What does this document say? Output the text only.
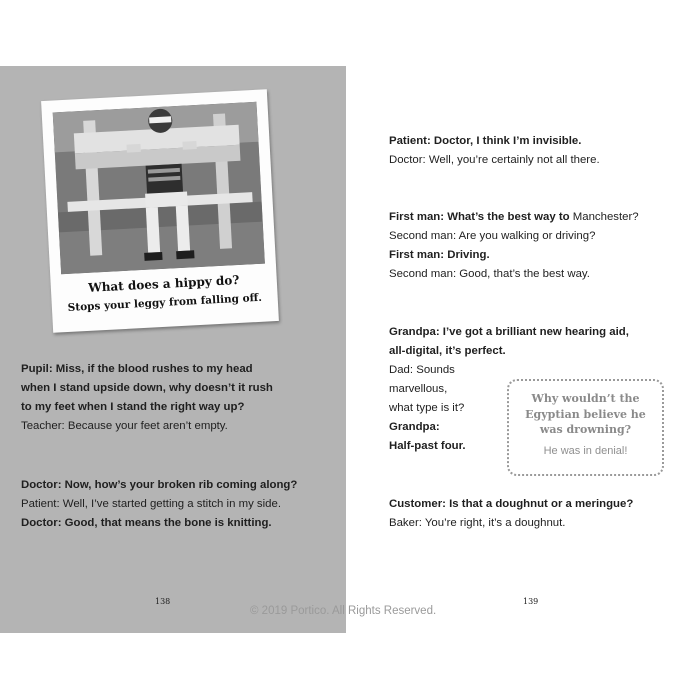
What does a hippy do?
Stops your leggy from falling off.
Pupil: Miss, if the blood rushes to my head
when I stand upside down, why doesn’t it rush
to my feet when I stand the right way up?
Teacher: Because your feet aren’t empty.
Doctor: Now, how’s your broken rib coming along?
Patient: Well, I’ve started getting a stitch in my side.
Doctor: Good, that means the bone is knitting.
138
Patient: Doctor, I think I’m invisible.
Doctor: Well, you’re certainly not all there.
First man: What’s the best way to Manchester?
Second man: Are you walking or driving?
First man: Driving.
Second man: Good, that’s the best way.
Grandpa: I’ve got a brilliant new hearing aid,
all-digital, it’s perfect.
Dad: Sounds
marvellous,
what type is it?
Grandpa:
Half-past four.
Why wouldn’t the
Egyptian believe he
was drowning?
He was in denial!
Customer: Is that a doughnut or a meringue?
Baker: You’re right, it’s a doughnut.
139
© 2019 Portico. All Rights Reserved.
